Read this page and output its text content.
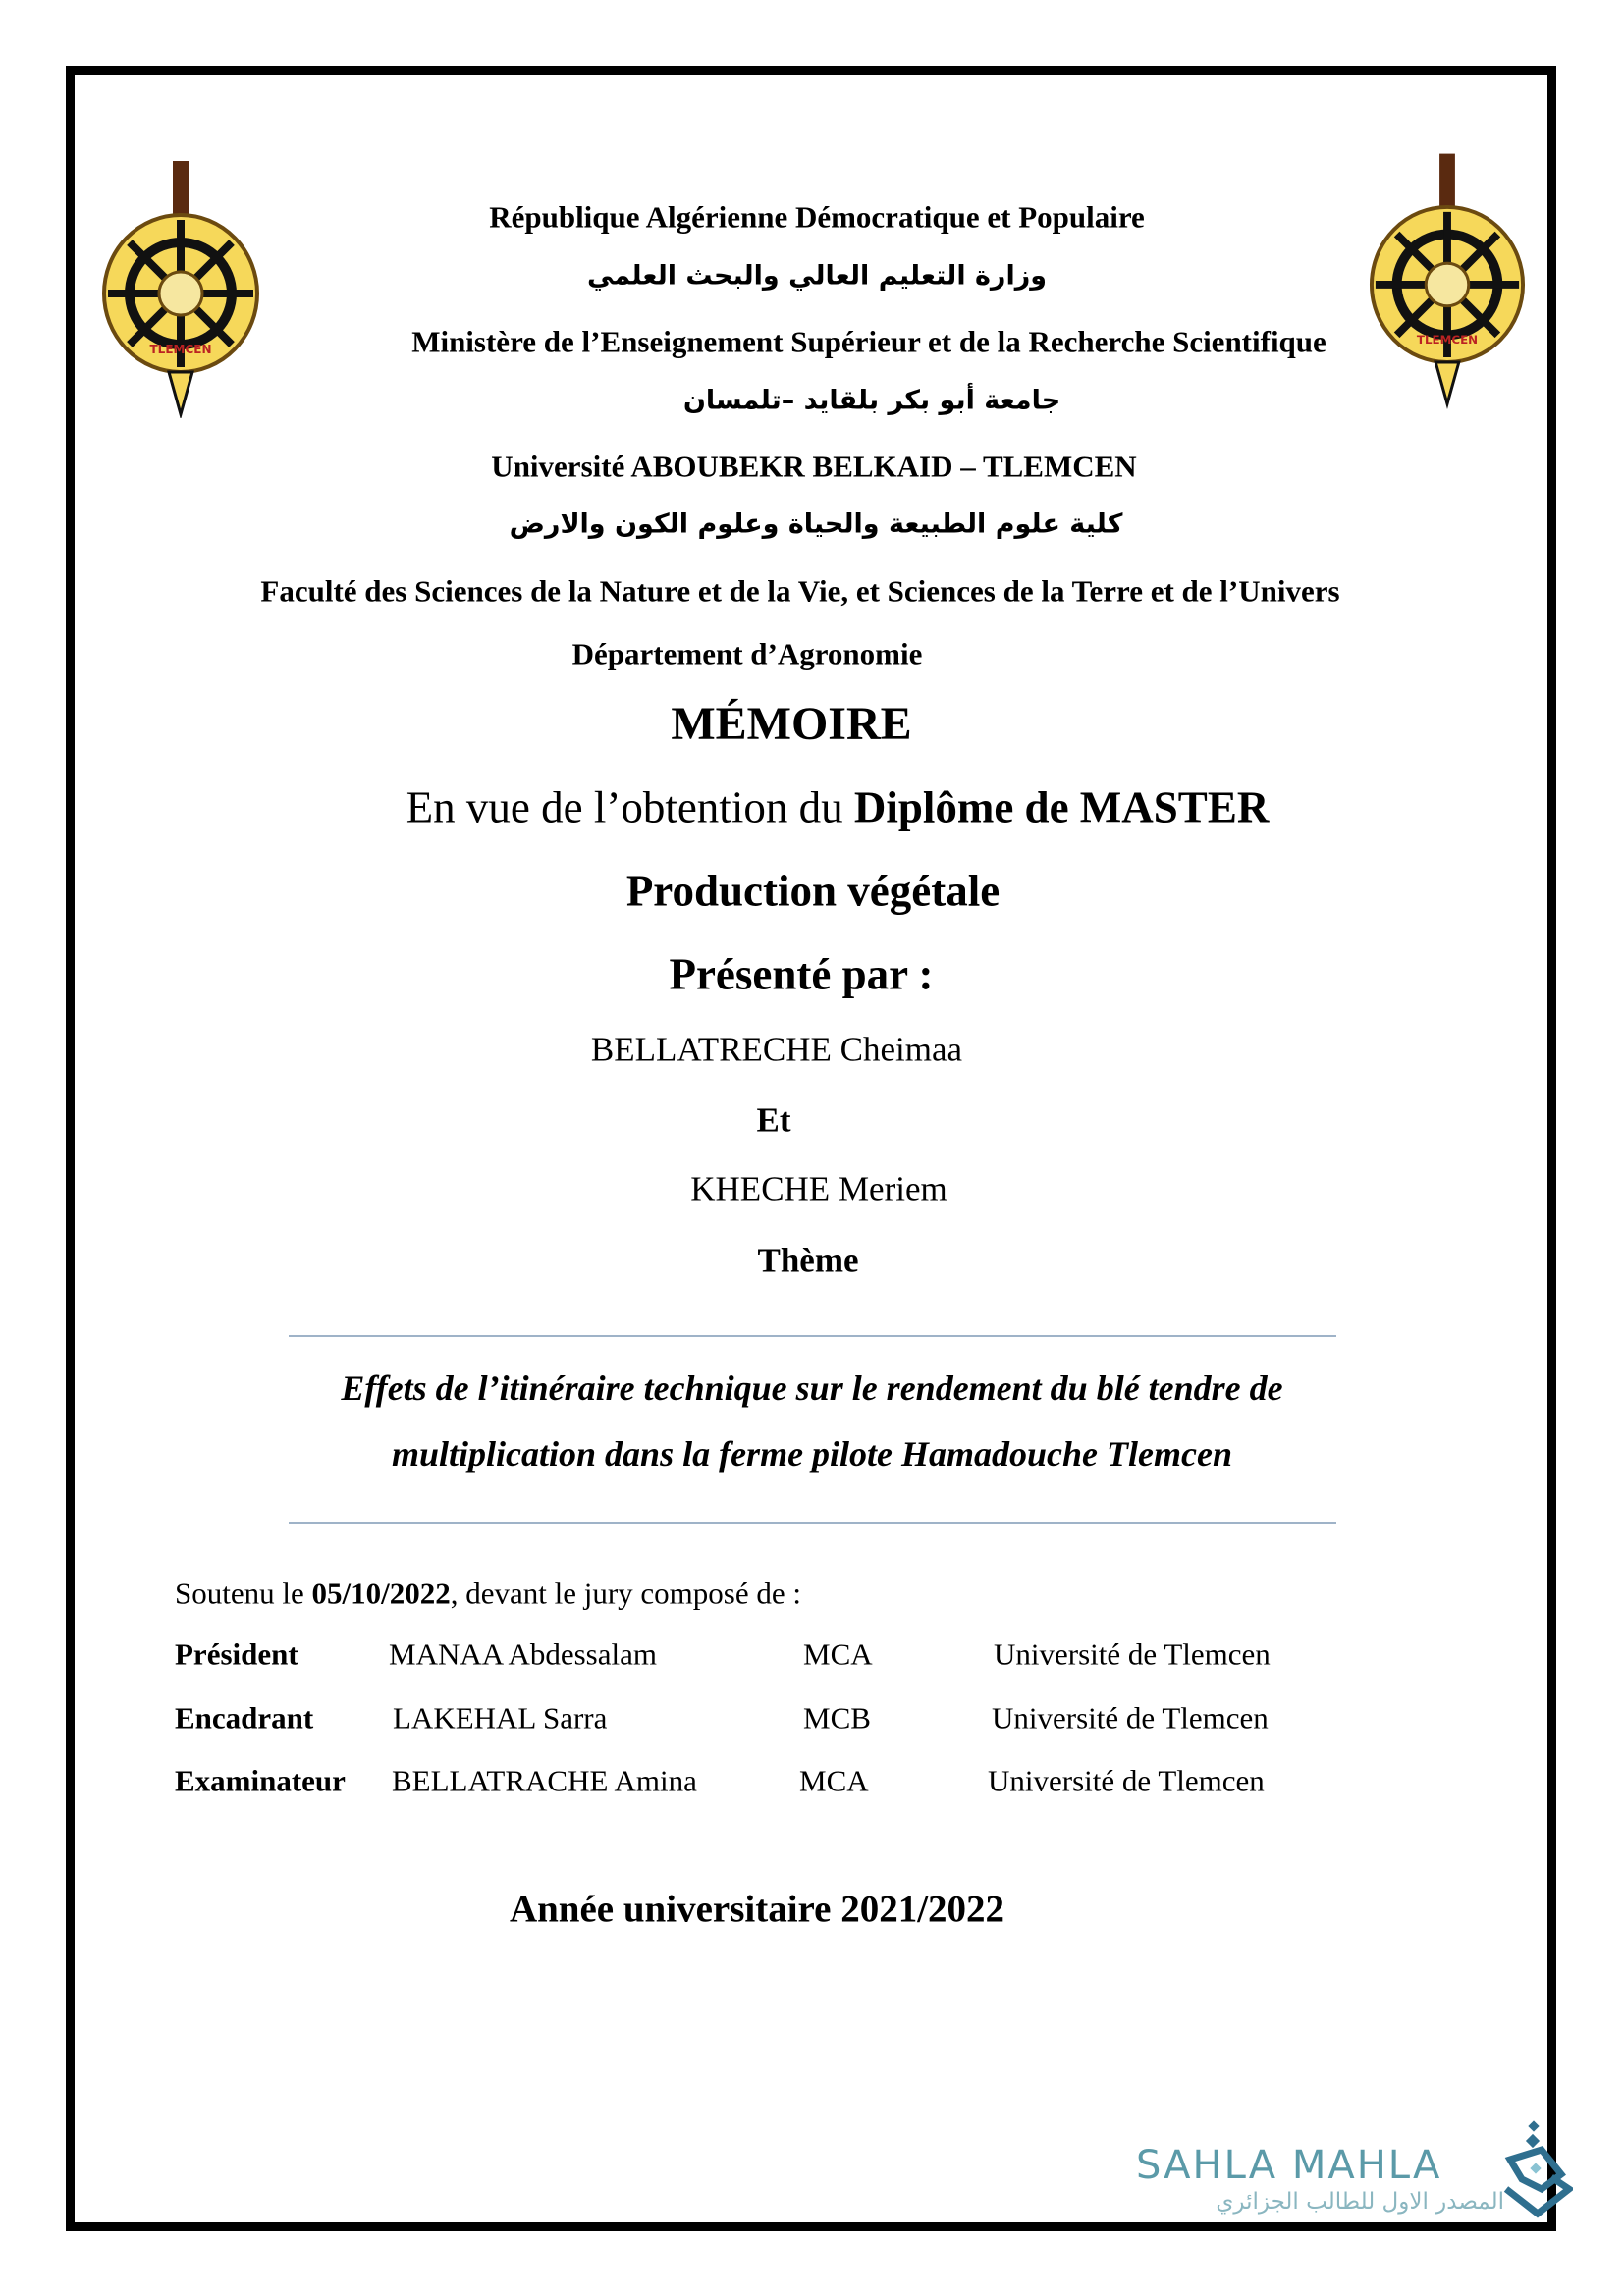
TLEMCEN
TLEMCEN
République Algérienne Démocratique et Populaire
وزارة التعليم العالي والبحث العلمي
Ministère de l’Enseignement Supérieur et de la Recherche Scientifique
جامعة أبو بكر بلقايد –تلمسان
Université ABOUBEKR BELKAID – TLEMCEN
كلية علوم الطبيعة والحياة وعلوم الكون والارض
Faculté des Sciences de la Nature et de la Vie, et Sciences de la Terre et de l’Univers
Département d’Agronomie
MÉMOIRE
En vue de l’obtention du Diplôme de MASTER
Production végétale
Présenté par :
BELLATRECHE Cheimaa
Et
KHECHE Meriem
Thème
Effets de l’itinéraire technique sur le rendement du blé tendre de
multiplication dans la ferme pilote Hamadouche Tlemcen
Soutenu le 05/10/2022, devant le jury composé de :
Président	MANAA Abdessalam	MCA	Université de Tlemcen
Encadrant	LAKEHAL Sarra	MCB	Université de Tlemcen
Examinateur BELLATRACHE Amina	MCA	Université de Tlemcen
Année universitaire 2021/2022
SAHLA MAHLA
المصدر الاول للطالب الجزائري
